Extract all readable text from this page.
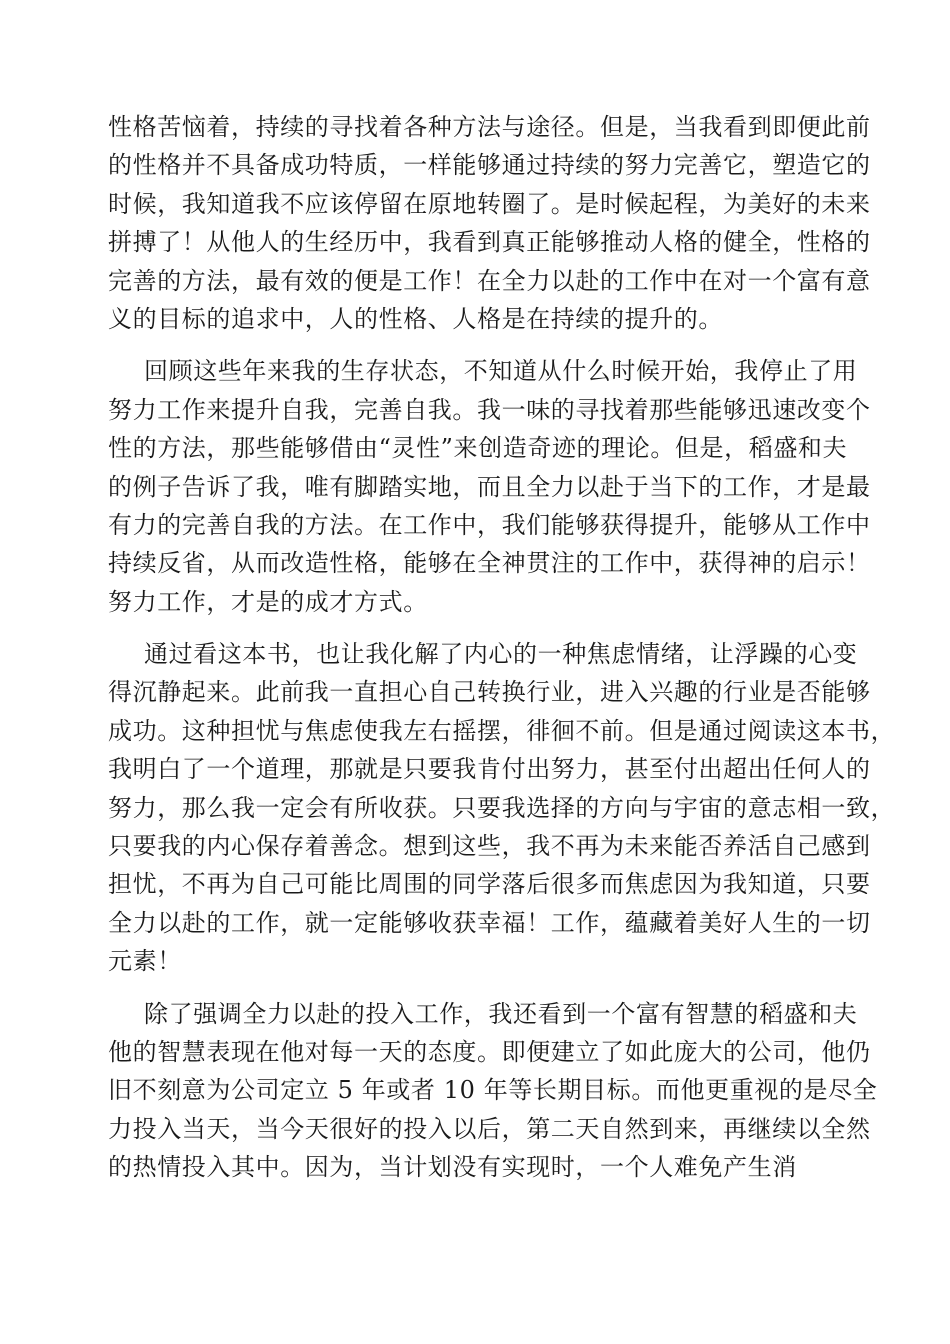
性格苦恼着，持续的寻找着各种方法与途径。但是，当我看到即便此前
的性格并不具备成功特质，一样能够通过持续的努力完善它，塑造它的
时候，我知道我不应该停留在原地转圈了。是时候起程，为美好的未来
拼搏了！从他人的生经历中，我看到真正能够推动人格的健全，性格的
完善的方法，最有效的便是工作！在全力以赴的工作中在对一个富有意
义的目标的追求中，人的性格、人格是在持续的提升的。
回顾这些年来我的生存状态，不知道从什么时候开始，我停止了用
努力工作来提升自我，完善自我。我一味的寻找着那些能够迅速改变个
性的方法，那些能够借由“灵性”来创造奇迹的理论。但是，稻盛和夫
的例子告诉了我，唯有脚踏实地，而且全力以赴于当下的工作，才是最
有力的完善自我的方法。在工作中，我们能够获得提升，能够从工作中
持续反省，从而改造性格，能够在全神贯注的工作中，获得神的启示！
努力工作，才是的成才方式。
通过看这本书，也让我化解了内心的一种焦虑情绪，让浮躁的心变
得沉静起来。此前我一直担心自己转换行业，进入兴趣的行业是否能够
成功。这种担忧与焦虑使我左右摇摆，徘徊不前。但是通过阅读这本书，
我明白了一个道理，那就是只要我肯付出努力，甚至付出超出任何人的
努力，那么我一定会有所收获。只要我选择的方向与宇宙的意志相一致，
只要我的内心保存着善念。想到这些，我不再为未来能否养活自己感到
担忧，不再为自己可能比周围的同学落后很多而焦虑因为我知道，只要
全力以赴的工作，就一定能够收获幸福！工作，蕴藏着美好人生的一切
元素！
除了强调全力以赴的投入工作，我还看到一个富有智慧的稻盛和夫
他的智慧表现在他对每一天的态度。即便建立了如此庞大的公司，他仍
旧不刻意为公司定立 5 年或者 10 年等长期目标。而他更重视的是尽全
力投入当天，当今天很好的投入以后，第二天自然到来，再继续以全然
的热情投入其中。因为，当计划没有实现时，一个人难免产生消
